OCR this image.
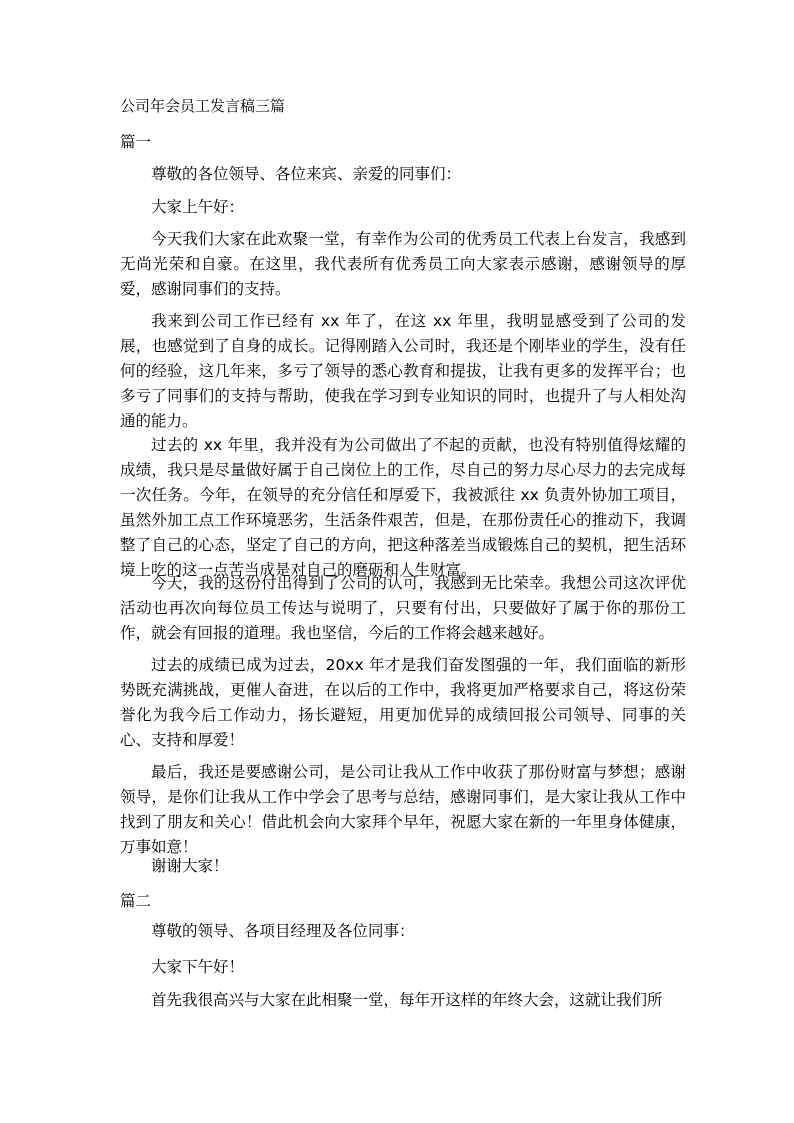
公司年会员工发言稿三篇
篇一

尊敬的各位领导、各位来宾、亲爱的同事们：

大家上午好：

今天我们大家在此欢聚一堂，有幸作为公司的优秀员工代表上台发言，我感到无尚光荣和自豪。在这里，我代表所有优秀员工向大家表示感谢，感谢领导的厚爱，感谢同事们的支持。

我来到公司工作已经有 xx 年了，在这 xx 年里，我明显感受到了公司的发展，也感觉到了自身的成长。记得刚踏入公司时，我还是个刚毕业的学生，没有任何的经验，这几年来，多亏了领导的悉心教育和提拔，让我有更多的发挥平台；也多亏了同事们的支持与帮助，使我在学习到专业知识的同时，也提升了与人相处沟通的能力。

过去的 xx 年里，我并没有为公司做出了不起的贡献，也没有特别值得炫耀的成绩，我只是尽量做好属于自己岗位上的工作，尽自己的努力尽心尽力的去完成每一次任务。今年，在领导的充分信任和厚爱下，我被派往 xx 负责外协加工项目，虽然外加工点工作环境恶劣，生活条件艰苦，但是，在那份责任心的推动下，我调整了自己的心态，坚定了自己的方向，把这种落差当成锻炼自己的契机，把生活环境上吃的这一点苦当成是对自己的磨砺和人生财富。

今天，我的这份付出得到了公司的认可，我感到无比荣幸。我想公司这次评优活动也再次向每位员工传达与说明了，只要有付出，只要做好了属于你的那份工作，就会有回报的道理。我也坚信，今后的工作将会越来越好。

过去的成绩已成为过去，20xx 年才是我们奋发图强的一年，我们面临的新形势既充满挑战，更催人奋进，在以后的工作中，我将更加严格要求自己，将这份荣誉化为我今后工作动力，扬长避短，用更加优异的成绩回报公司领导、同事的关心、支持和厚爱！

最后，我还是要感谢公司，是公司让我从工作中收获了那份财富与梦想；感谢领导，是你们让我从工作中学会了思考与总结，感谢同事们，是大家让我从工作中找到了朋友和关心！借此机会向大家拜个早年，祝愿大家在新的一年里身体健康，万事如意！

谢谢大家！

篇二

尊敬的领导、各项目经理及各位同事：

大家下午好！

首先我很高兴与大家在此相聚一堂，每年开这样的年终大会，这就让我们所
